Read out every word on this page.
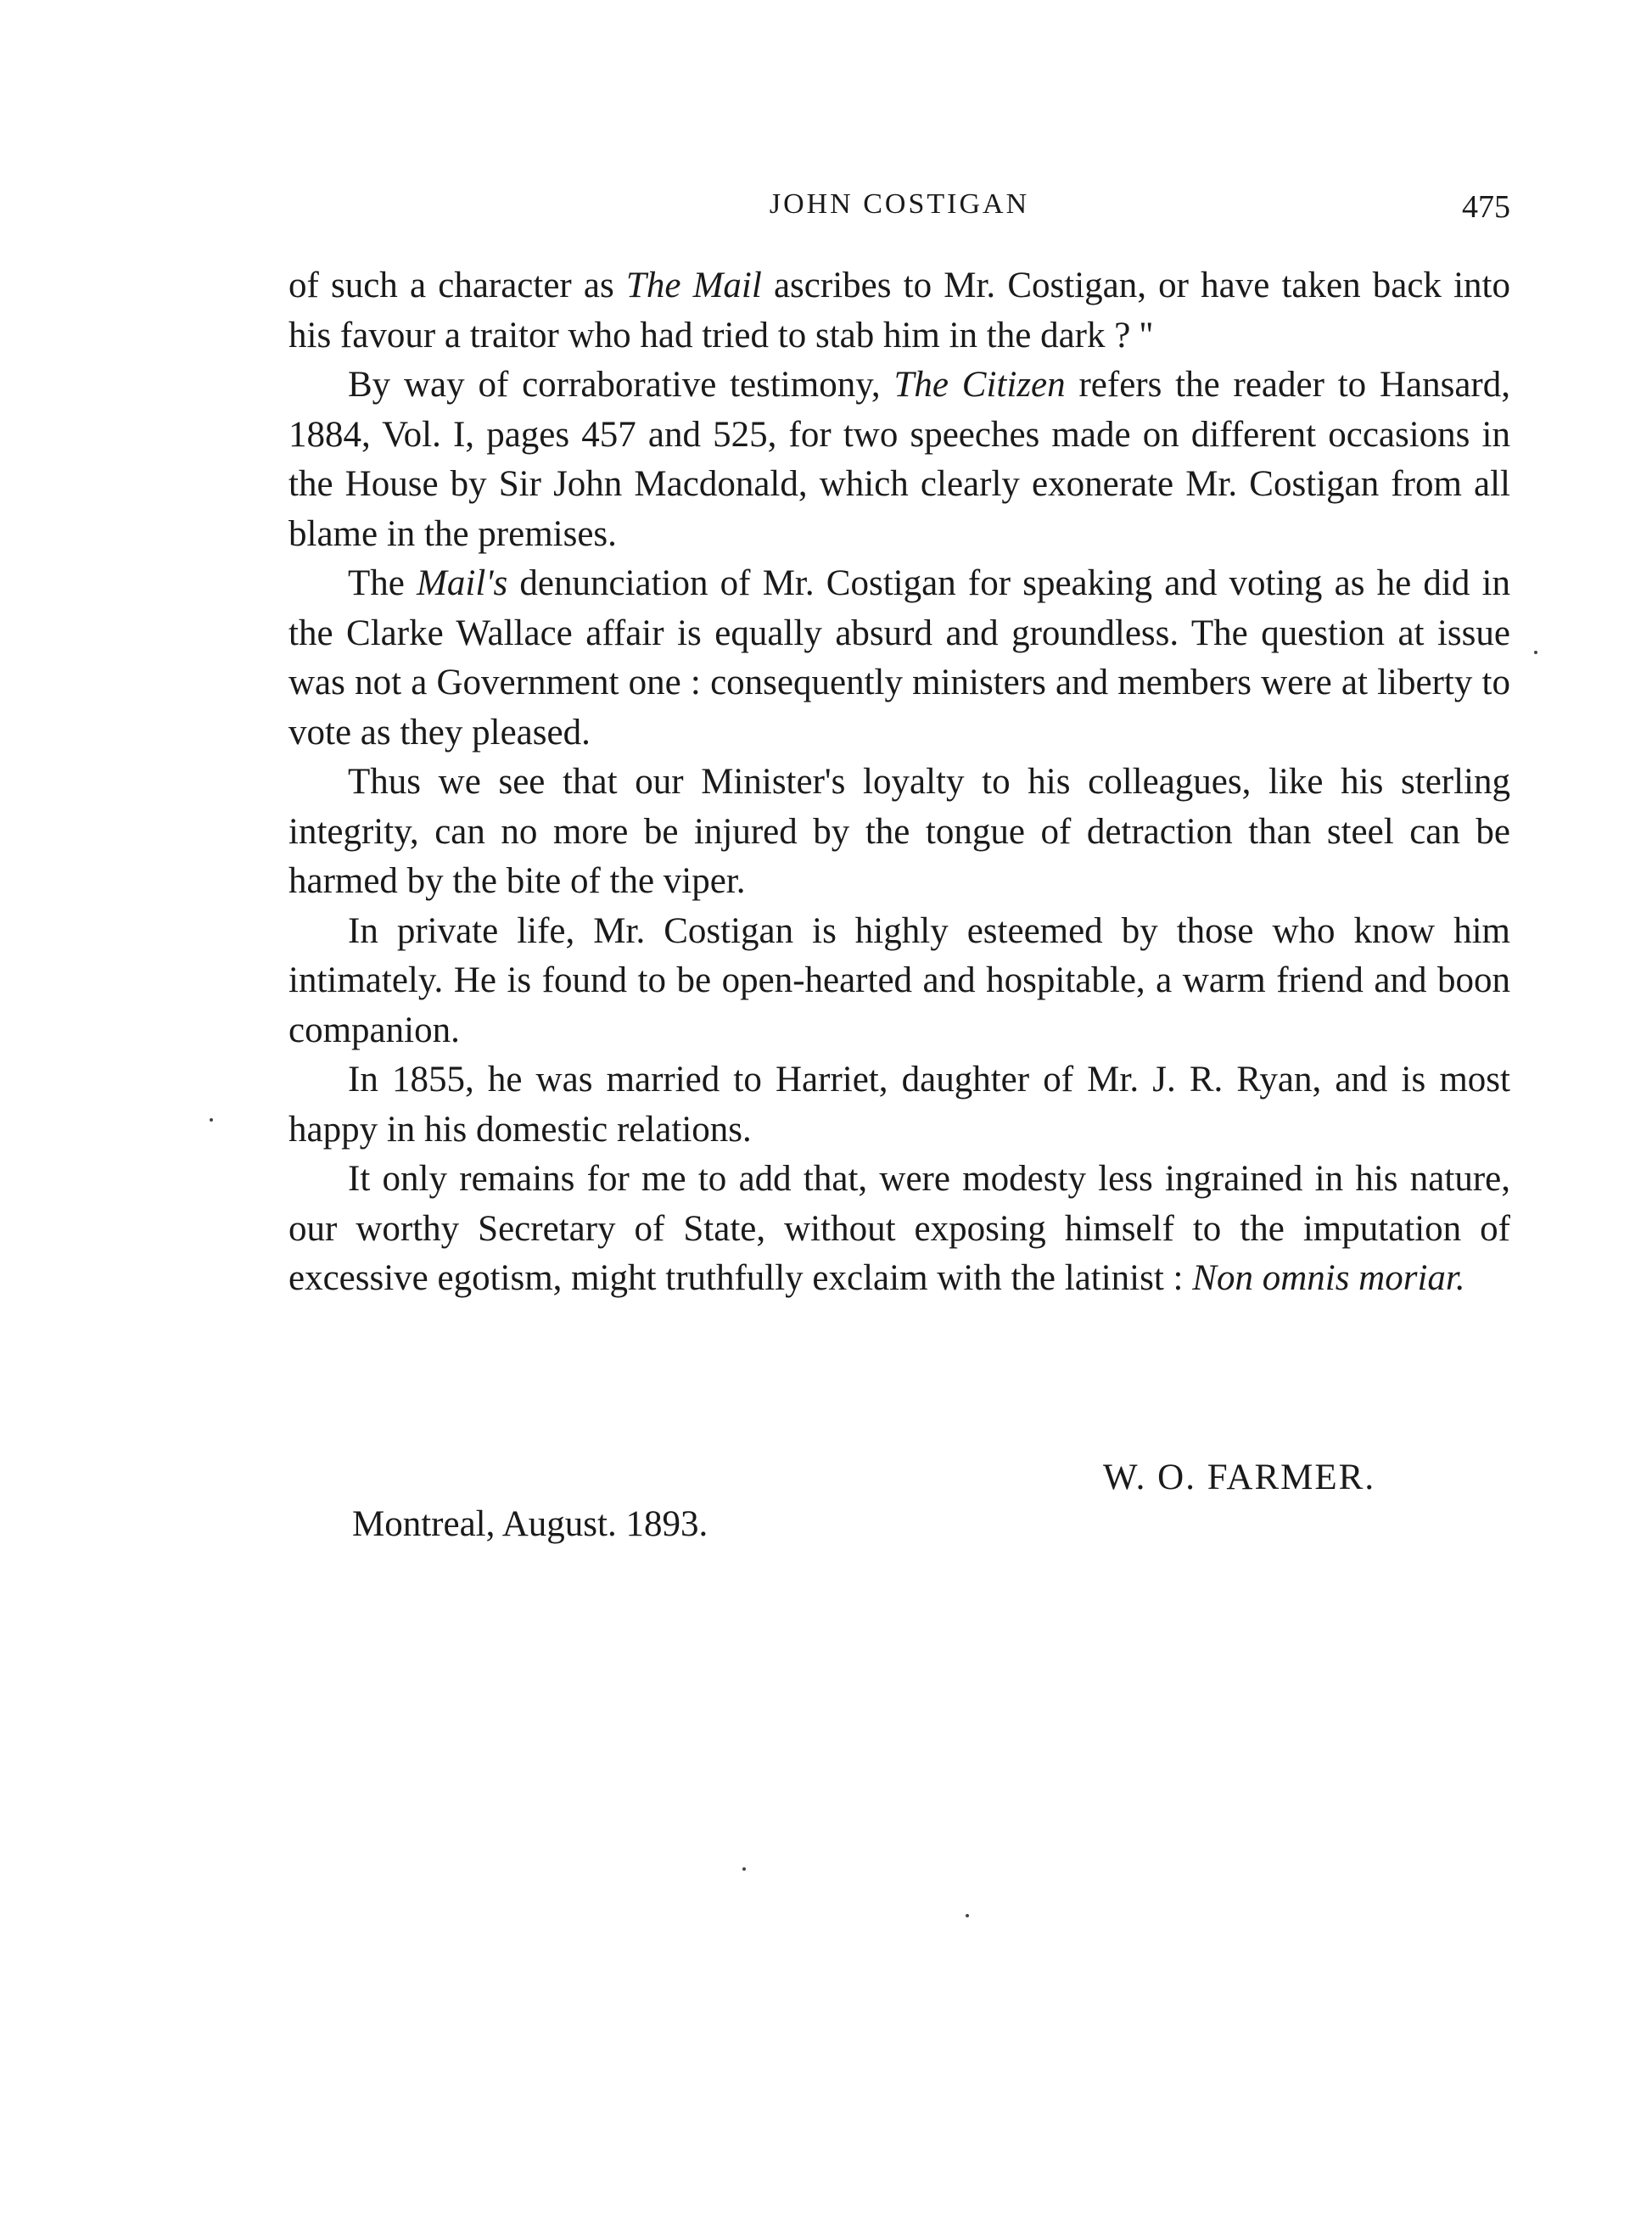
JOHN COSTIGAN	475

of such a character as The Mail ascribes to Mr. Costigan, or have taken back into his favour a traitor who had tried to stab him in the dark ? ''

By way of corraborative testimony, The Citizen refers the reader to Hansard, 1884, Vol. I, pages 457 and 525, for two speeches made on different occasions in the House by Sir John Macdonald, which clearly exonerate Mr. Costigan from all blame in the premises.

The Mail's denunciation of Mr. Costigan for speaking and voting as he did in the Clarke Wallace affair is equally absurd and groundless. The question at issue was not a Government one : consequently ministers and members were at liberty to vote as they pleased.

Thus we see that our Minister's loyalty to his colleagues, like his sterling integrity, can no more be injured by the tongue of detraction than steel can be harmed by the bite of the viper.

In private life, Mr. Costigan is highly esteemed by those who know him intimately. He is found to be open-hearted and hospitable, a warm friend and boon companion.

In 1855, he was married to Harriet, daughter of Mr. J. R. Ryan, and is most happy in his domestic relations.

It only remains for me to add that, were modesty less ingrained in his nature, our worthy Secretary of State, without exposing himself to the imputation of excessive egotism, might truthfully exclaim with the latinist : Non omnis moriar.

W. O. FARMER.
Montreal, August. 1893.
